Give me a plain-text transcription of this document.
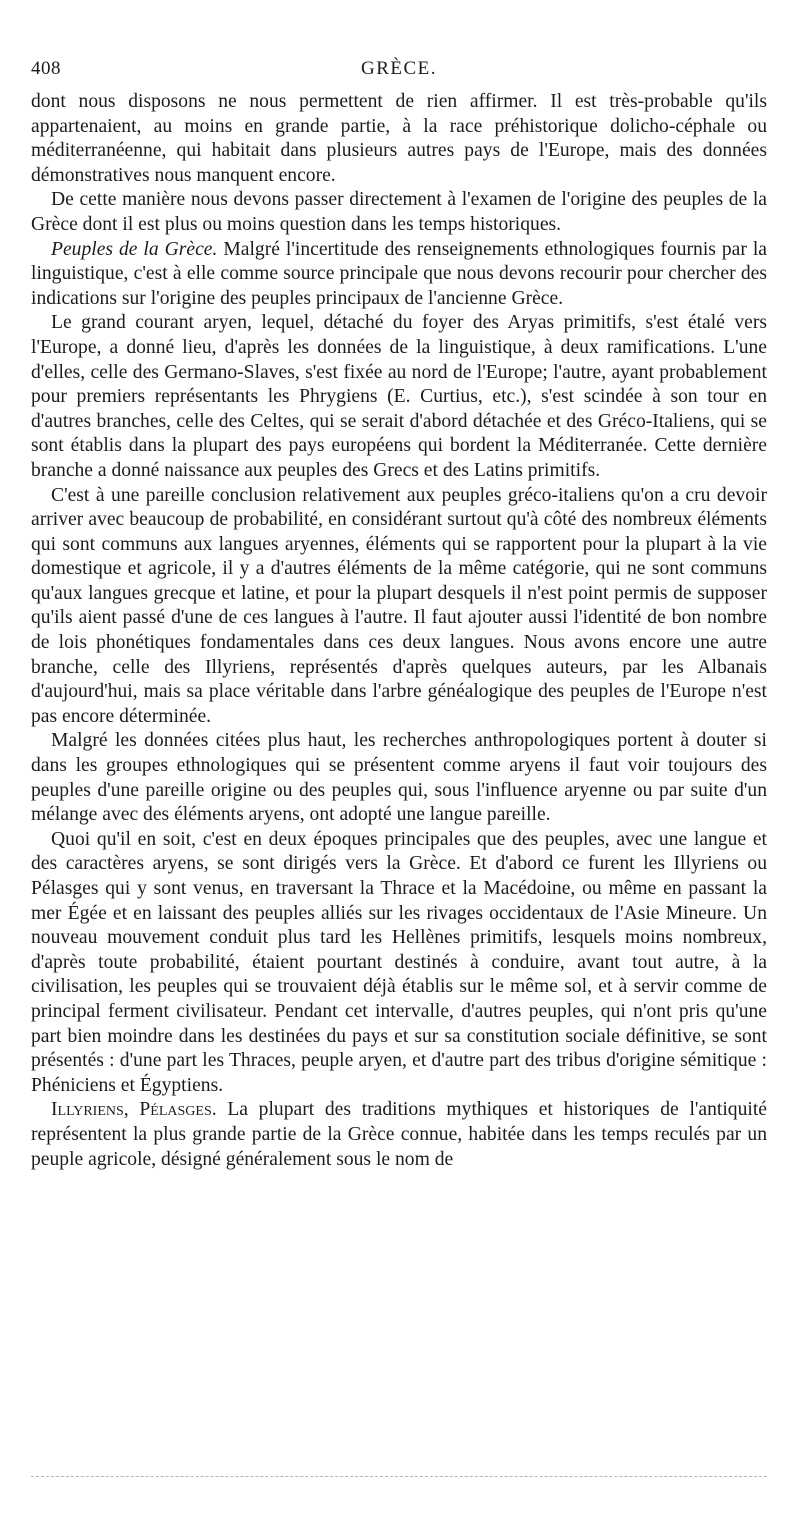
408	GRÈCE.

dont nous disposons ne nous permettent de rien affirmer. Il est très-probable qu'ils appartenaient, au moins en grande partie, à la race préhistorique dolicho-céphale ou méditerranéenne, qui habitait dans plusieurs autres pays de l'Europe, mais des données démonstratives nous manquent encore.

De cette manière nous devons passer directement à l'examen de l'origine des peuples de la Grèce dont il est plus ou moins question dans les temps historiques.

Peuples de la Grèce. Malgré l'incertitude des renseignements ethnologiques fournis par la linguistique, c'est à elle comme source principale que nous devons recourir pour chercher des indications sur l'origine des peuples principaux de l'ancienne Grèce.

Le grand courant aryen, lequel, détaché du foyer des Aryas primitifs, s'est étalé vers l'Europe, a donné lieu, d'après les données de la linguistique, à deux ramifications. L'une d'elles, celle des Germano-Slaves, s'est fixée au nord de l'Europe; l'autre, ayant probablement pour premiers représentants les Phrygiens (E. Curtius, etc.), s'est scindée à son tour en d'autres branches, celle des Celtes, qui se serait d'abord détachée et des Gréco-Italiens, qui se sont établis dans la plupart des pays européens qui bordent la Méditerranée. Cette dernière branche a donné naissance aux peuples des Grecs et des Latins primitifs.

C'est à une pareille conclusion relativement aux peuples gréco-italiens qu'on a cru devoir arriver avec beaucoup de probabilité, en considérant surtout qu'à côté des nombreux éléments qui sont communs aux langues aryennes, éléments qui se rapportent pour la plupart à la vie domestique et agricole, il y a d'autres éléments de la même catégorie, qui ne sont communs qu'aux langues grecque et latine, et pour la plupart desquels il n'est point permis de supposer qu'ils aient passé d'une de ces langues à l'autre. Il faut ajouter aussi l'identité de bon nombre de lois phonétiques fondamentales dans ces deux langues. Nous avons encore une autre branche, celle des Illyriens, représentés d'après quelques auteurs, par les Albanais d'aujourd'hui, mais sa place véritable dans l'arbre généalogique des peuples de l'Europe n'est pas encore déterminée.

Malgré les données citées plus haut, les recherches anthropologiques portent à douter si dans les groupes ethnologiques qui se présentent comme aryens il faut voir toujours des peuples d'une pareille origine ou des peuples qui, sous l'influence aryenne ou par suite d'un mélange avec des éléments aryens, ont adopté une langue pareille.

Quoi qu'il en soit, c'est en deux époques principales que des peuples, avec une langue et des caractères aryens, se sont dirigés vers la Grèce. Et d'abord ce furent les Illyriens ou Pélasges qui y sont venus, en traversant la Thrace et la Macédoine, ou même en passant la mer Égée et en laissant des peuples alliés sur les rivages occidentaux de l'Asie Mineure. Un nouveau mouvement conduit plus tard les Hellènes primitifs, lesquels moins nombreux, d'après toute probabilité, étaient pourtant destinés à conduire, avant tout autre, à la civilisation, les peuples qui se trouvaient déjà établis sur le même sol, et à servir comme de principal ferment civilisateur. Pendant cet intervalle, d'autres peuples, qui n'ont pris qu'une part bien moindre dans les destinées du pays et sur sa constitution sociale définitive, se sont présentés : d'une part les Thraces, peuple aryen, et d'autre part des tribus d'origine sémitique : Phéniciens et Égyptiens.

Illyriens, Pélasges. La plupart des traditions mythiques et historiques de l'antiquité représentent la plus grande partie de la Grèce connue, habitée dans les temps reculés par un peuple agricole, désigné généralement sous le nom de
